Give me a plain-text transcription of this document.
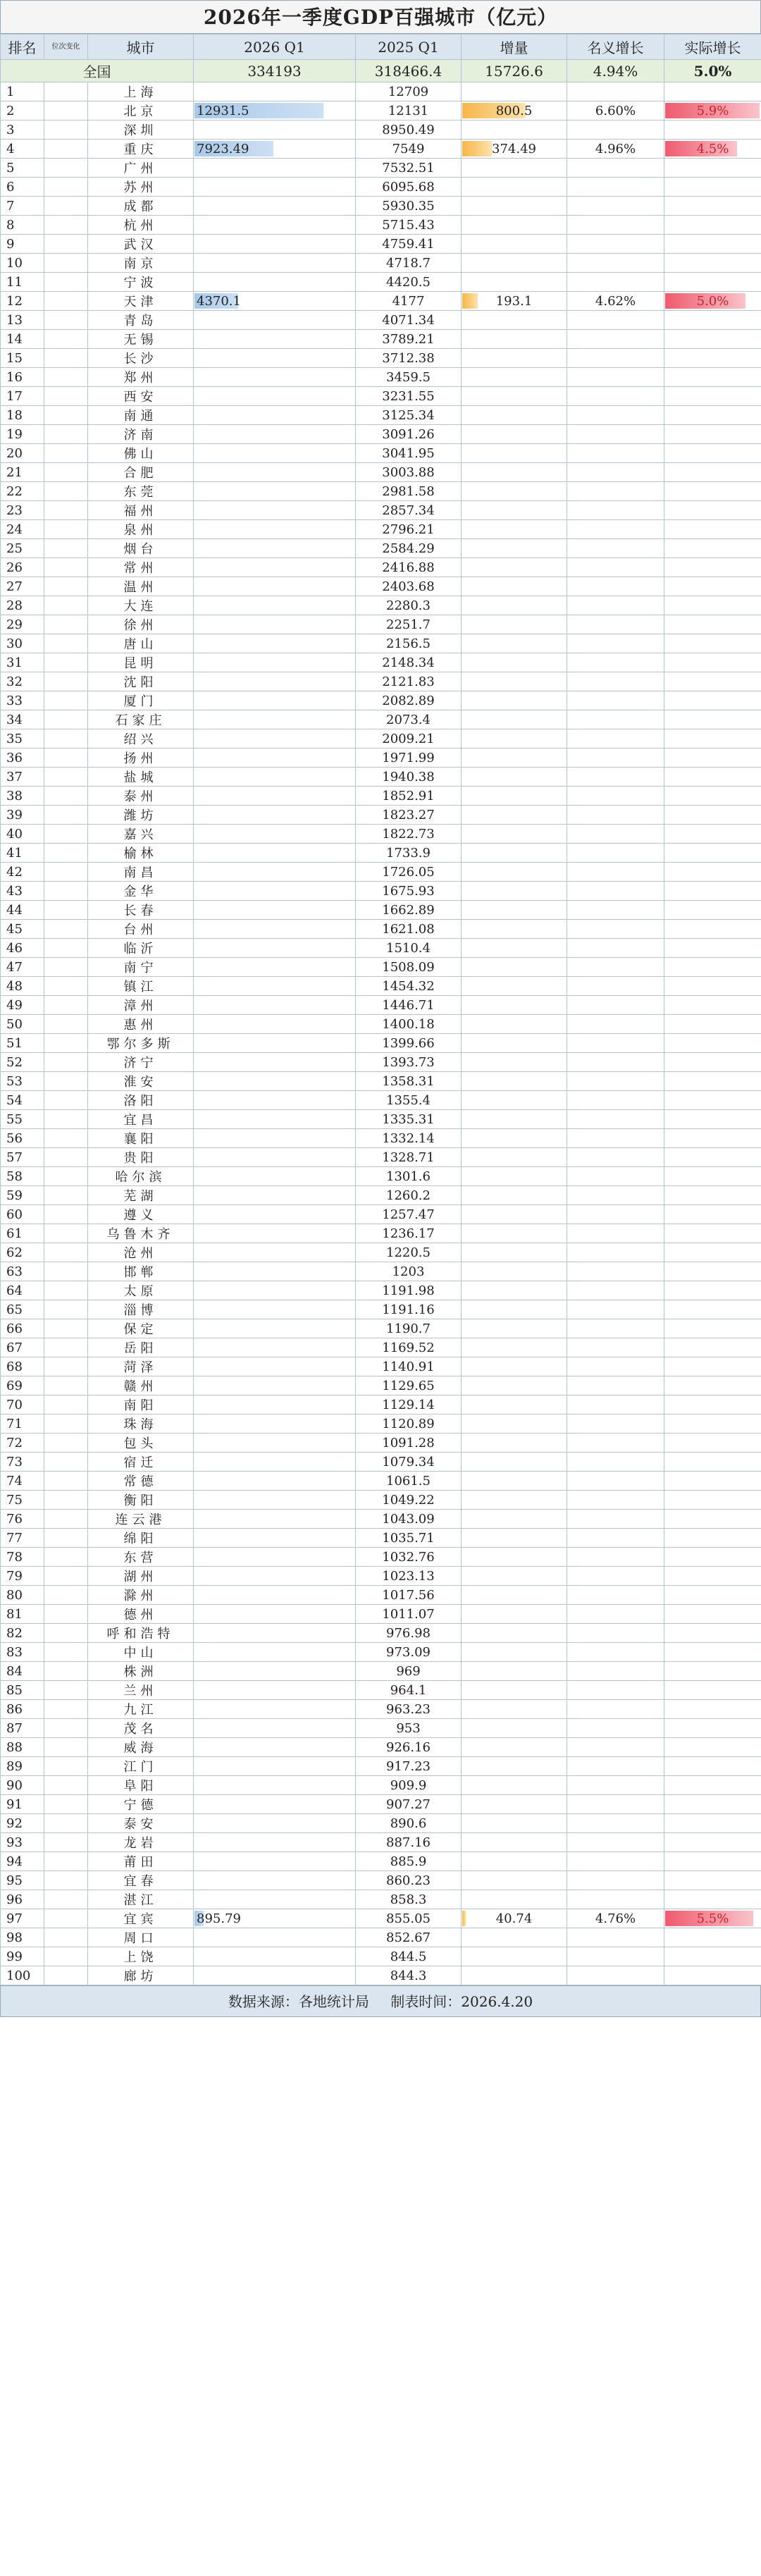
2026年一季度GDP百强城市（亿元）
排名	位次变化	城市	2026 Q1	2025 Q1	增量	名义增长	实际增长
全国			334193	318466.4	15726.6	4.94%	5.0%
1		上海		12709			
2		北京	12931.5	12131	800.5	6.60%	5.9%
3		深圳		8950.49			
4		重庆	7923.49	7549	374.49	4.96%	4.5%
5		广州		7532.51			
6		苏州		6095.68			
7		成都		5930.35			
8		杭州		5715.43			
9		武汉		4759.41			
10		南京		4718.7			
11		宁波		4420.5			
12		天津	4370.1	4177	193.1	4.62%	5.0%
13		青岛		4071.34			
14		无锡		3789.21			
15		长沙		3712.38			
16		郑州		3459.5			
17		西安		3231.55			
18		南通		3125.34			
19		济南		3091.26			
20		佛山		3041.95			
21		合肥		3003.88			
22		东莞		2981.58			
23		福州		2857.34			
24		泉州		2796.21			
25		烟台		2584.29			
26		常州		2416.88			
27		温州		2403.68			
28		大连		2280.3			
29		徐州		2251.7			
30		唐山		2156.5			
31		昆明		2148.34			
32		沈阳		2121.83			
33		厦门		2082.89			
34		石家庄		2073.4			
35		绍兴		2009.21			
36		扬州		1971.99			
37		盐城		1940.38			
38		泰州		1852.91			
39		潍坊		1823.27			
40		嘉兴		1822.73			
41		榆林		1733.9			
42		南昌		1726.05			
43		金华		1675.93			
44		长春		1662.89			
45		台州		1621.08			
46		临沂		1510.4			
47		南宁		1508.09			
48		镇江		1454.32			
49		漳州		1446.71			
50		惠州		1400.18			
51		鄂尔多斯		1399.66			
52		济宁		1393.73			
53		淮安		1358.31			
54		洛阳		1355.4			
55		宜昌		1335.31			
56		襄阳		1332.14			
57		贵阳		1328.71			
58		哈尔滨		1301.6			
59		芜湖		1260.2			
60		遵义		1257.47			
61		乌鲁木齐		1236.17			
62		沧州		1220.5			
63		邯郸		1203			
64		太原		1191.98			
65		淄博		1191.16			
66		保定		1190.7			
67		岳阳		1169.52			
68		菏泽		1140.91			
69		赣州		1129.65			
70		南阳		1129.14			
71		珠海		1120.89			
72		包头		1091.28			
73		宿迁		1079.34			
74		常德		1061.5			
75		衡阳		1049.22			
76		连云港		1043.09			
77		绵阳		1035.71			
78		东营		1032.76			
79		湖州		1023.13			
80		滁州		1017.56			
81		德州		1011.07			
82		呼和浩特		976.98			
83		中山		973.09			
84		株洲		969			
85		兰州		964.1			
86		九江		963.23			
87		茂名		953			
88		威海		926.16			
89		江门		917.23			
90		阜阳		909.9			
91		宁德		907.27			
92		泰安		890.6			
93		龙岩		887.16			
94		莆田		885.9			
95		宜春		860.23			
96		湛江		858.3			
97		宜宾	895.79	855.05	40.74	4.76%	5.5%
98		周口		852.67			
99		上饶		844.5			
100		廊坊		844.3			
数据来源：各地统计局 制表时间：2026.4.20
